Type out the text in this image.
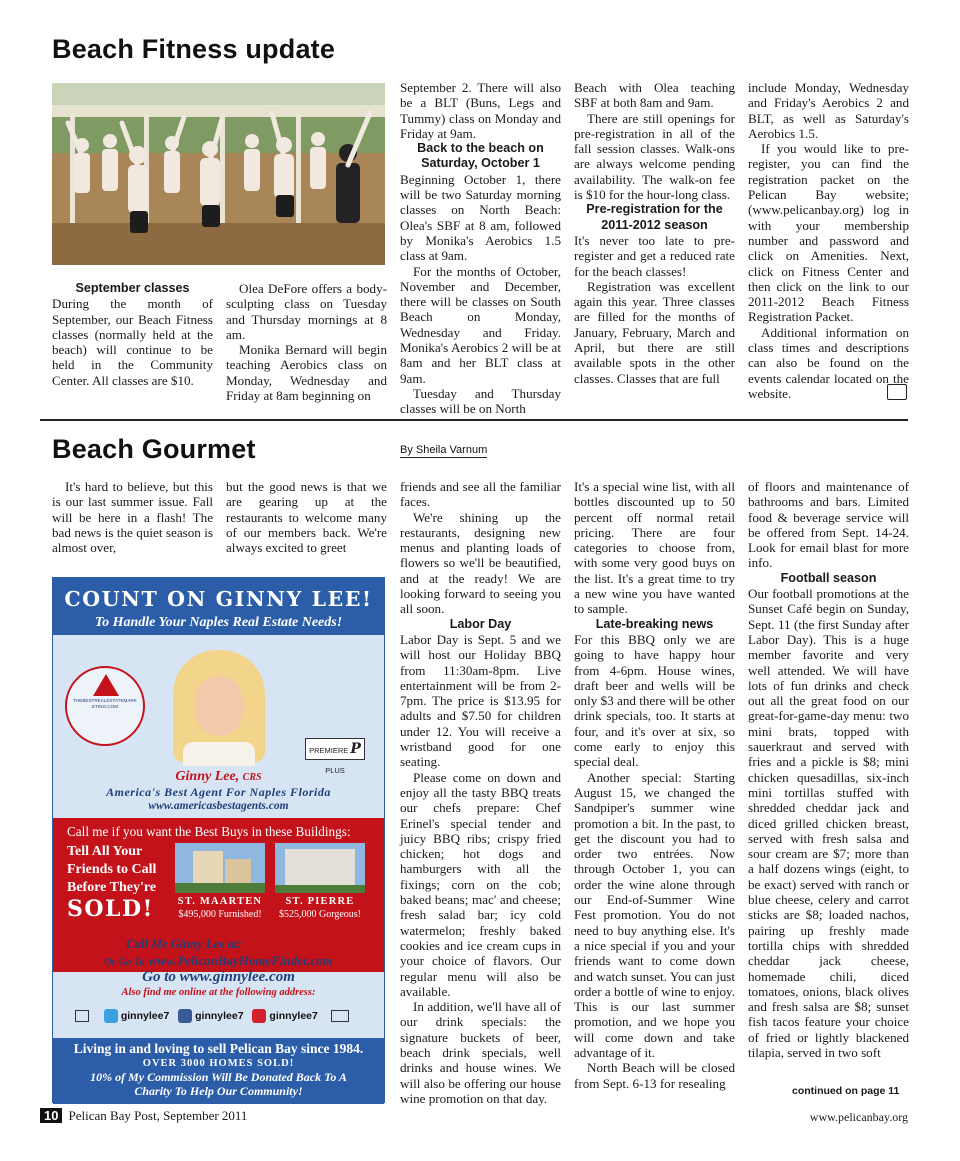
Beach Fitness update

September classes

During the month of September, our Beach Fitness classes (normally held at the beach) will continue to be held in the Community Center. All classes are $10.

Olea DeFore offers a body-sculpting class on Tuesday and Thursday mornings at 8 am.

Monika Bernard will begin teaching Aerobics class on Monday, Wednesday and Friday at 8am beginning on

September 2. There will also be a BLT (Buns, Legs and Tummy) class on Monday and Friday at 9am.

Back to the beach on Saturday, October 1

Beginning October 1, there will be two Saturday morning classes on North Beach: Olea's SBF at 8 am, followed by Monika's Aerobics 1.5 class at 9am.

For the months of October, November and December, there will be classes on South Beach on Monday, Wednesday and Friday. Monika's Aerobics 2 will be at 8am and her BLT class at 9am.

Tuesday and Thursday classes will be on North

Beach with Olea teaching SBF at both 8am and 9am.

There are still openings for pre-registration in all of the fall session classes. Walk-ons are always welcome pending availability. The walk-on fee is $10 for the hour-long class.

Pre-registration for the 2011-2012 season

It's never too late to pre-register and get a reduced rate for the beach classes!

Registration was excellent again this year. Three classes are filled for the months of January, February, March and April, but there are still available spots in the other classes. Classes that are full

include Monday, Wednesday and Friday's Aerobics 2 and BLT, as well as Saturday's Aerobics 1.5.

If you would like to pre-register, you can find the registration packet on the Pelican Bay website; (www.pelicanbay.org) log in with your membership number and password and click on Amenities. Next, click on Fitness Center and then click on the link to our 2011-2012 Beach Fitness Registration Packet.

Additional information on class times and descriptions can also be found on the events calendar located on the website.

Beach Gourmet	By Sheila Varnum

It's hard to believe, but this is our last summer issue. Fall will be here in a flash! The bad news is the quiet season is almost over,

but the good news is that we are gearing up at the restaurants to welcome many of our members back. We're always excited to greet

friends and see all the familiar faces.

We're shining up the restaurants, designing new menus and planting loads of flowers so we'll be beautified, and at the ready! We are looking forward to seeing you all soon.

Labor Day

Labor Day is Sept. 5 and we will host our Holiday BBQ from 11:30am-8pm. Live entertainment will be from 2-7pm. The price is $13.95 for adults and $7.50 for children under 12. You will receive a wristband good for one seating.

Please come on down and enjoy all the tasty BBQ treats our chefs prepare: Chef Erinel's special tender and juicy BBQ ribs; crispy fried chicken; hot dogs and hamburgers with all the fixings; corn on the cob; baked beans; mac' and cheese; fresh salad bar; icy cold watermelon; freshly baked cookies and ice cream cups in your choice of flavors. Our regular menu will also be available.

In addition, we'll have all of our drink specials: the signature buckets of beer, beach drink specials, well drinks and house wines. We will also be offering our house wine promotion on that day.

It's a special wine list, with all bottles discounted up to 50 percent off normal retail pricing. There are four categories to choose from, with some very good buys on the list. It's a great time to try a new wine you have wanted to sample.

Late-breaking news

For this BBQ only we are going to have happy hour from 4-6pm. House wines, draft beer and wells will be only $3 and there will be other drink specials, too. It starts at four, and it's over at six, so come early to enjoy this special deal.

Another special: Starting August 15, we changed the Sandpiper's summer wine promotion a bit. In the past, to get the discount you had to order two entrées. Now through October 1, you can order the wine alone through our End-of-Summer Wine Fest promotion. You do not need to buy anything else. It's a nice special if you and your friends want to come down and watch sunset. You can just order a bottle of wine to enjoy. This is our last summer promotion, and we hope you will come down and take advantage of it.

North Beach will be closed from Sept. 6-13 for resealing

of floors and maintenance of bathrooms and bars. Limited food & beverage service will be offered from Sept. 14-24. Look for email blast for more info.

Football season

Our football promotions at the Sunset Café begin on Sunday, Sept. 11 (the first Sunday after Labor Day). This is a huge member favorite and very well attended. We will have lots of fun drinks and check out all the great food on our great-for-game-day menu: two mini brats, topped with sauerkraut and served with fries and a pickle is $8; mini chicken quesadillas, six-inch mini tortillas stuffed with shredded cheddar jack and diced grilled chicken breast, served with fresh salsa and sour cream are $7; more than a half dozens wings (eight, to be exact) served with ranch or blue cheese, celery and carrot sticks are $8; loaded nachos, pairing up freshly made tortilla chips with shredded cheddar jack cheese, homemade chili, diced tomatoes, onions, black olives and fresh salsa are $8; sunset fish tacos feature your choice of fried or lightly blackened tilapia, served in two soft

continued on page 11
COUNT ON GINNY LEE!
To Handle Your Naples Real Estate Needs!
THEBESTREALESTATEMARKETING.COM
PREMIERE P PLUS
Ginny Lee, CRS
America's Best Agent For Naples Florida
www.americasbestagents.com
Call me if you want the Best Buys in these Buildings:
Tell All Your Friends to Call Before They're
SOLD! ST. MAARTEN
$495,000 Furnished!
ST. PIERRE
$525,000 Gorgeous!
Call Me Ginny Lee at: 591-3225
Or Go To www.PelicanBayHomeFinder.com
Go to www.ginnylee.com
Also find me online at the following address:
ginnylee7 ginnylee7 ginnylee7
Living in and loving to sell Pelican Bay since 1984.
OVER 3000 HOMES SOLD!
10% of My Commission Will Be Donated Back To A Charity To Help Our Community!
10 Pelican Bay Post, September 2011	www.pelicanbay.org
